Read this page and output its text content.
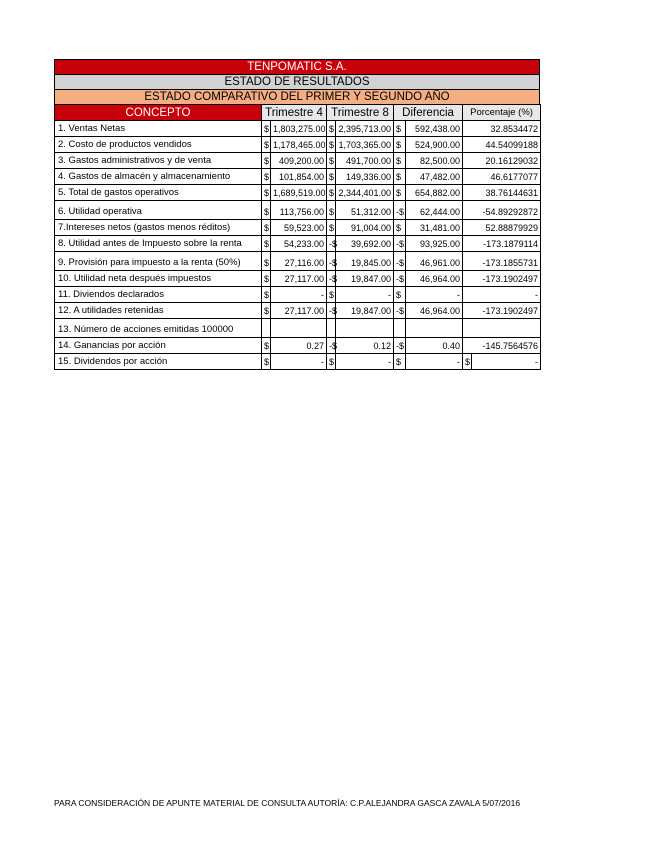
TENPOMATIC S.A.
ESTADO DE RESULTADOS
ESTADO COMPARATIVO DEL PRIMER Y SEGUNDO AÑO
CONCEPTO	Trimestre 4		Trimestre 8		Diferencia		Porcentaje (%)	
1. Ventas Netas	$	1,803,275.00	$	2,395,713.00	$	592,438.00	32.8534472	
2. Costo de productos vendidos	$	1,178,465.00	$	1,703,365.00	$	524,900.00	44.54099188	
3. Gastos administrativos y de venta	$	409,200.00	$	491,700.00	$	82,500.00	20.16129032	
4. Gastos de almacén y almacenamiento	$	101,854.00	$	149,336.00	$	47,482.00	46.6177077	
5. Total de gastos operativos	$	1,689,519.00	$	2,344,401.00	$	654,882.00	38.76144631	
6. Utilidad operativa	$	113,756.00	$	51,312.00	-$	62,444.00	-54.89292872	
7.Intereses netos (gastos menos réditos)	$	59,523.00	$	91,004.00	$	31,481.00	52.88879929	
8. Utilidad antes de Impuesto sobre la renta	$	54,233.00	-$	39,692.00	-$	93,925.00	-173.1879114	
9. Provisión para impuesto a la renta (50%)	$	27,116.00	-$	19,845.00	-$	46,961.00	-173.1855731	
10. Utilidad neta después impuestos	$	27,117.00	-$	19,847.00	-$	46,964.00	-173.1902497	
11. Diviendos declarados	$	-	$	-	$	-	-	
12. A utilidades retenidas	$	27,117.00	-$	19,847.00	-$	46,964.00	-173.1902497	
13. Número de acciones emitidas 100000								
14. Ganancias por acción	$	0.27	-$	0.12	-$	0.40	-145.7564576	
15. Dividendos por acción	$	-	$	-	$	-	$	-
PARA CONSIDERACIÓN DE APUNTE MATERIAL DE CONSULTA AUTORÍA: C.P.ALEJANDRA GASCA ZAVALA 5/07/2016
